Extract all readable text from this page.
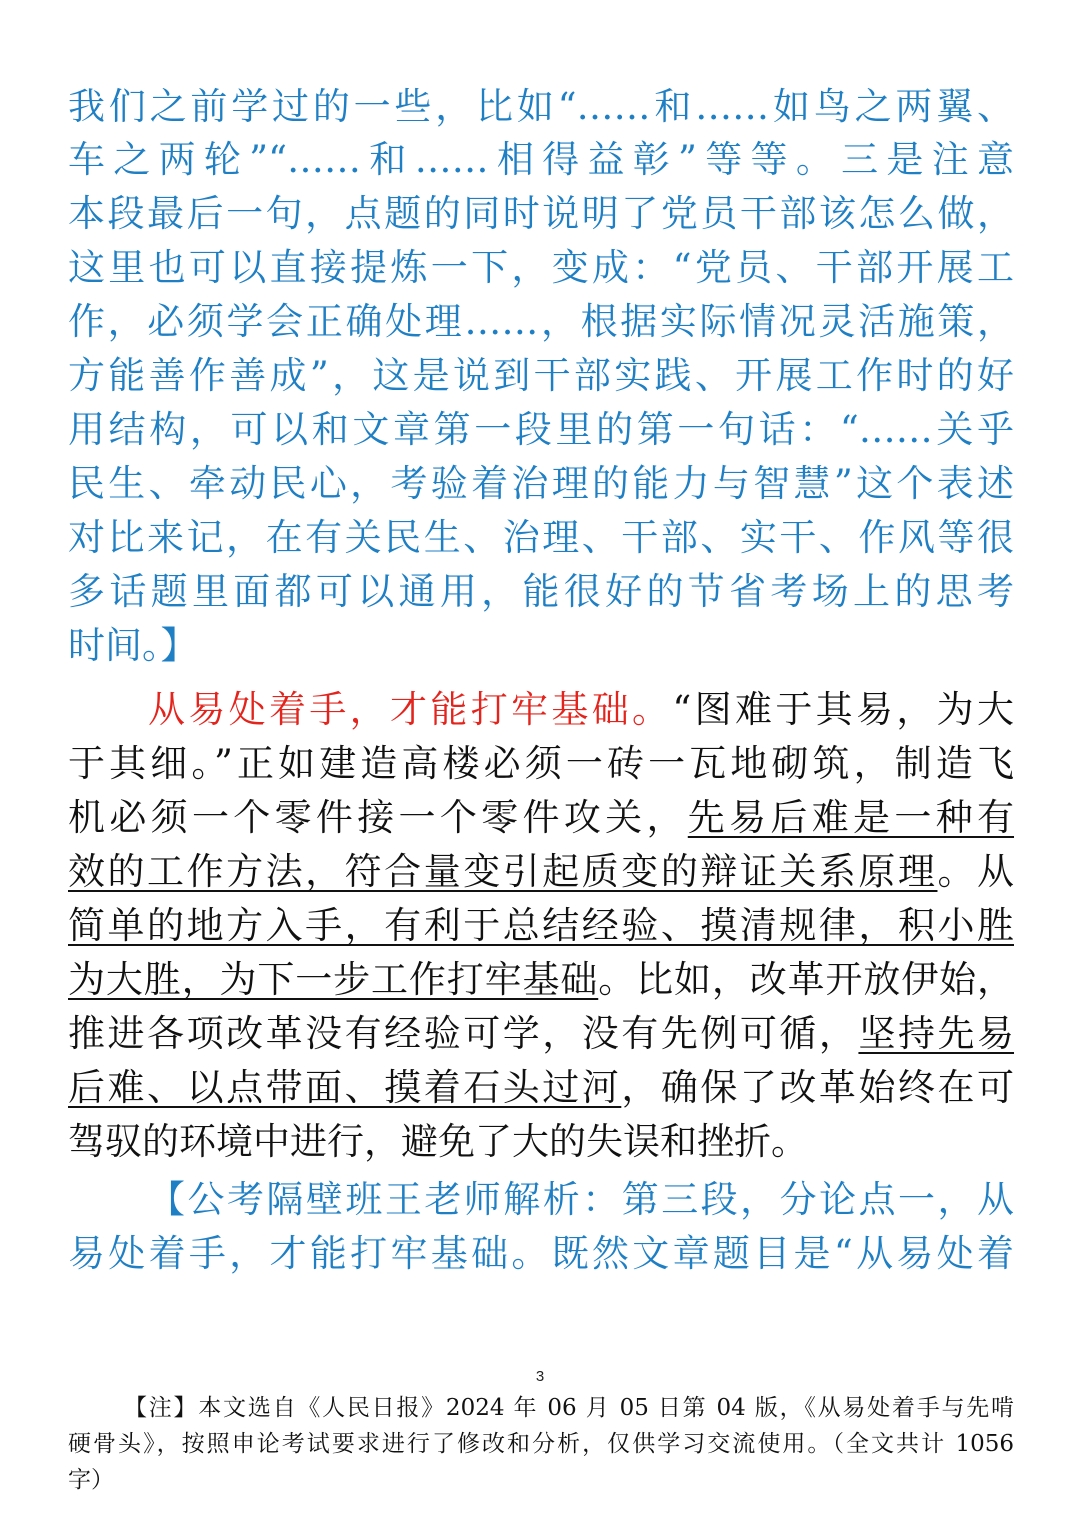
我们之前学过的一些，比如“……和……如鸟之两翼、
车之两轮”“……和……相得益彰”等等。三是注意
本段最后一句，点题的同时说明了党员干部该怎么做，
这里也可以直接提炼一下，变成：“党员、干部开展工
作，必须学会正确处理……，根据实际情况灵活施策，
方能善作善成”，这是说到干部实践、开展工作时的好
用结构，可以和文章第一段里的第一句话：“……关乎
民生、牵动民心，考验着治理的能力与智慧”这个表述
对比来记，在有关民生、治理、干部、实干、作风等很
多话题里面都可以通用，能很好的节省考场上的思考
时间。】
从易处着手，才能打牢基础。“图难于其易，为大
于其细。”正如建造高楼必须一砖一瓦地砌筑，制造飞
机必须一个零件接一个零件攻关，先易后难是一种有
效的工作方法，符合量变引起质变的辩证关系原理。从
简单的地方入手，有利于总结经验、摸清规律，积小胜
为大胜，为下一步工作打牢基础。比如，改革开放伊始，
推进各项改革没有经验可学，没有先例可循，坚持先易
后难、以点带面、摸着石头过河，确保了改革始终在可
驾驭的环境中进行，避免了大的失误和挫折。
【公考隔壁班王老师解析：第三段，分论点一，从
易处着手，才能打牢基础。既然文章题目是“从易处着
3
【注】本文选自《人民日报》2024 年 06 月 05 日第 04 版，《从易处着手与先啃
硬骨头》，按照申论考试要求进行了修改和分析，仅供学习交流使用。（全文共计 1056
字）
